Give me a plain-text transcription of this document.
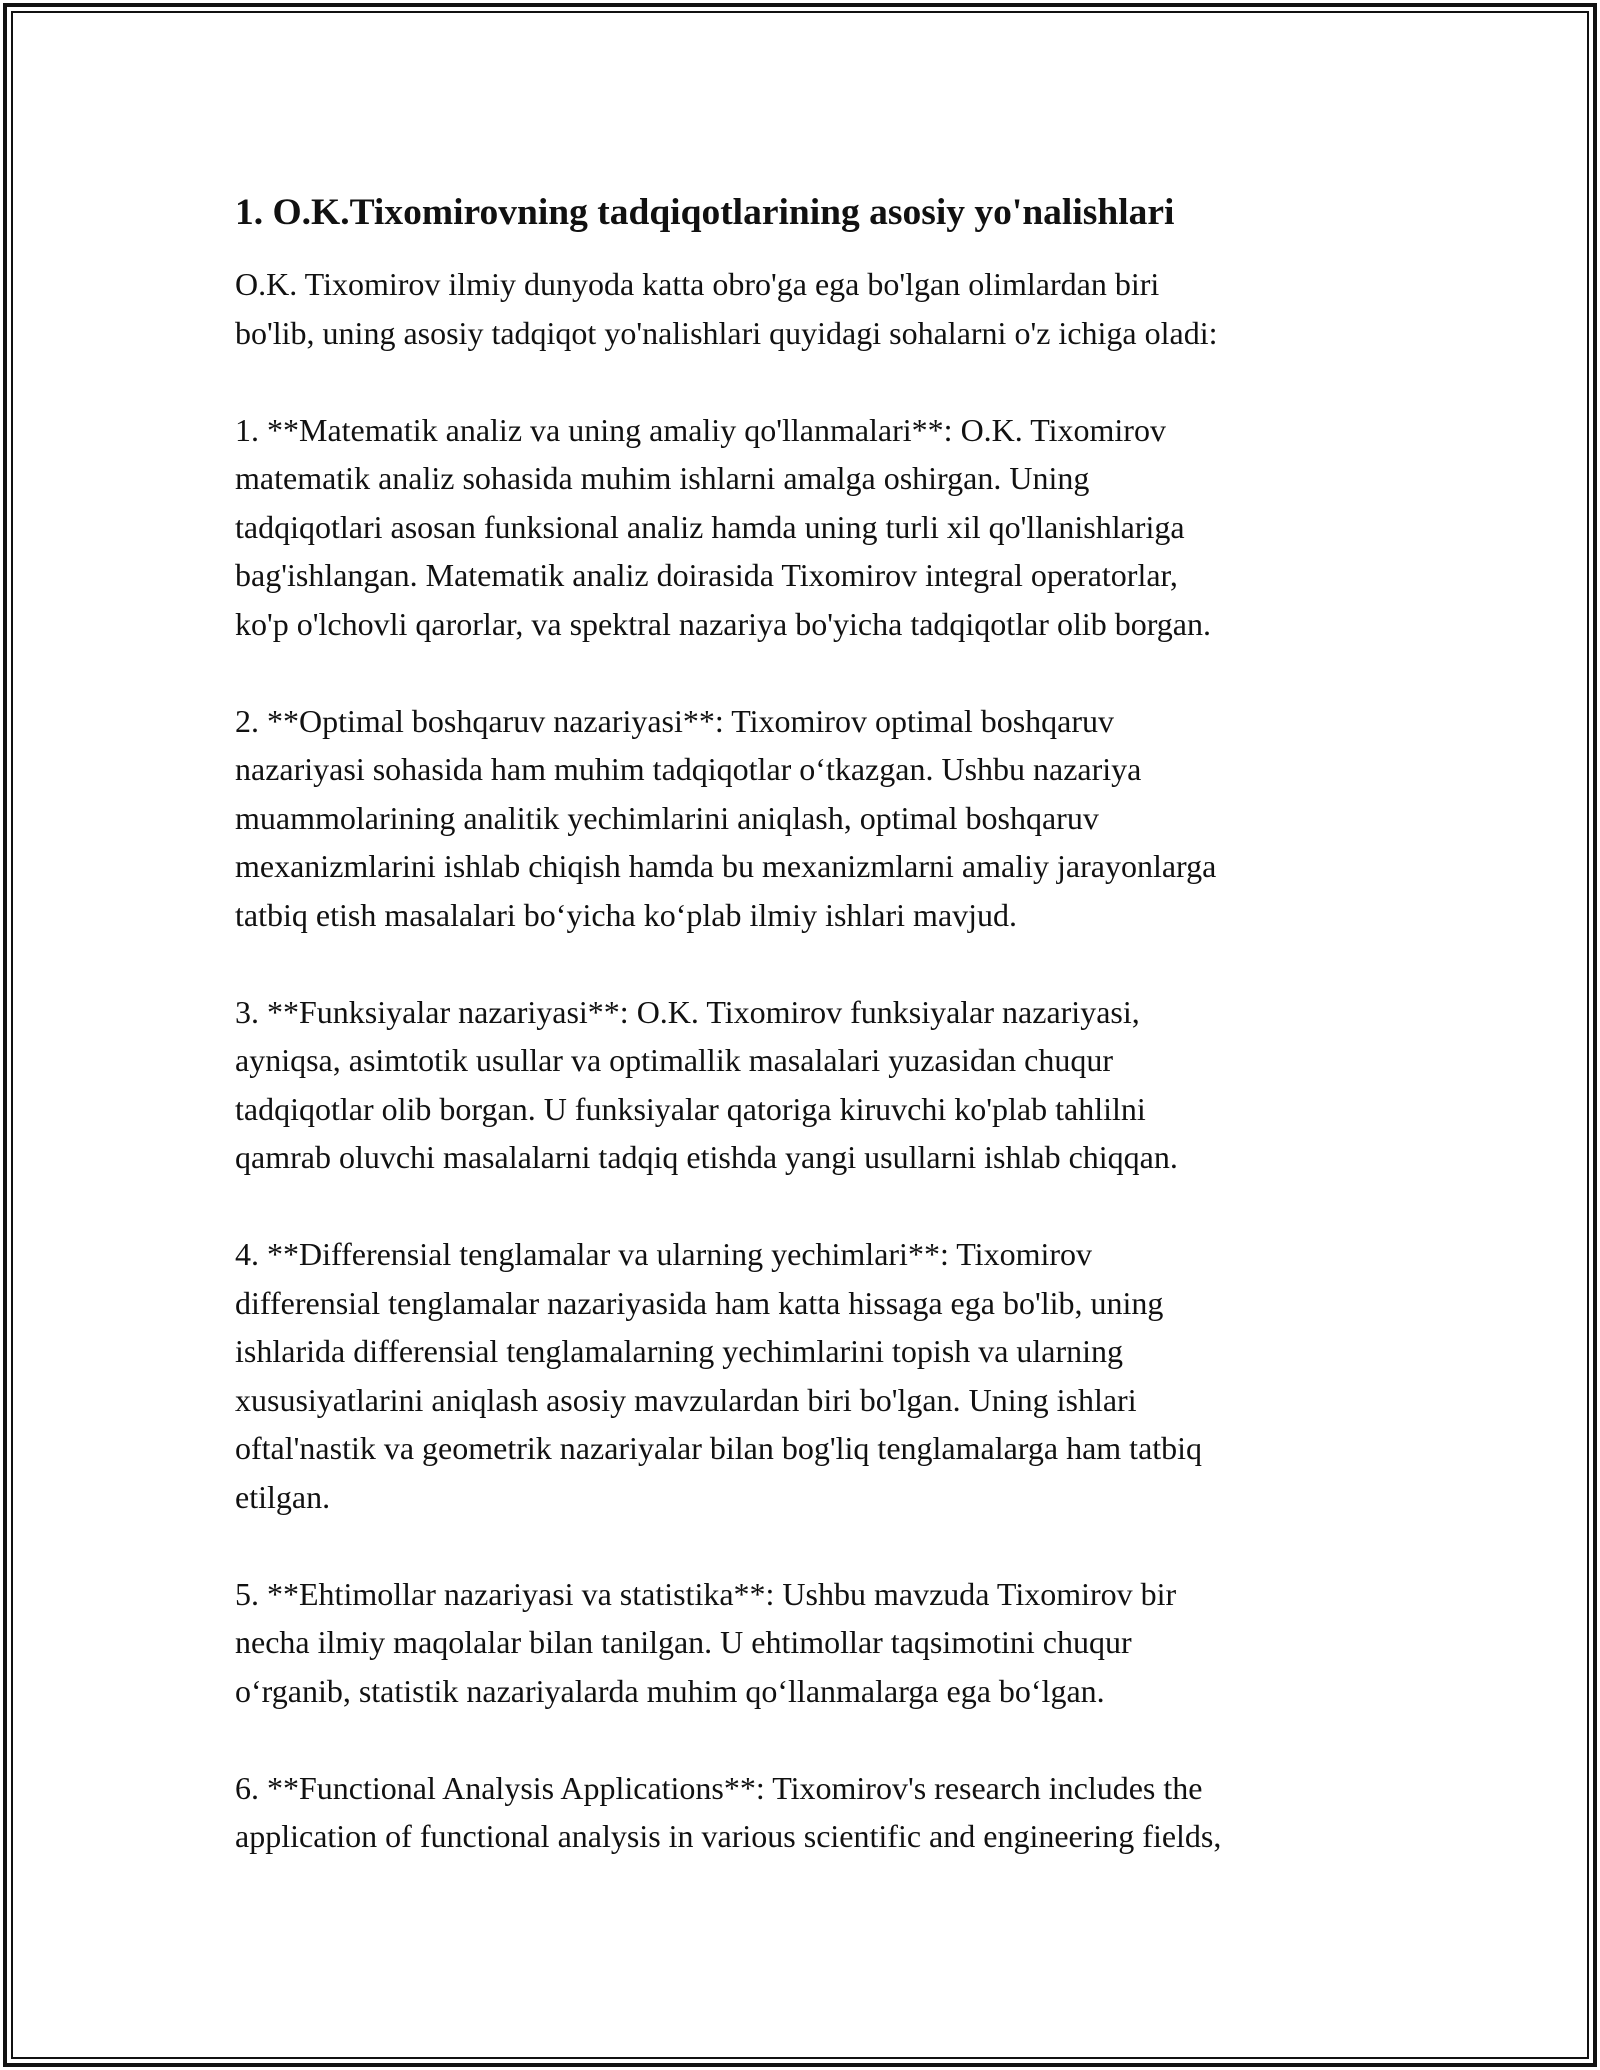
1. O.K.Tixomirovning tadqiqotlarining asosiy yo'nalishlari

O.K. Tixomirov ilmiy dunyoda katta obro'ga ega bo'lgan olimlardan biri
bo'lib, uning asosiy tadqiqot yo'nalishlari quyidagi sohalarni o'z ichiga oladi:

1. **Matematik analiz va uning amaliy qo'llanmalari**: O.K. Tixomirov
matematik analiz sohasida muhim ishlarni amalga oshirgan. Uning
tadqiqotlari asosan funksional analiz hamda uning turli xil qo'llanishlariga
bag'ishlangan. Matematik analiz doirasida Tixomirov integral operatorlar,
ko'p o'lchovli qarorlar, va spektral nazariya bo'yicha tadqiqotlar olib borgan.

2. **Optimal boshqaruv nazariyasi**: Tixomirov optimal boshqaruv
nazariyasi sohasida ham muhim tadqiqotlar o‘tkazgan. Ushbu nazariya
muammolarining analitik yechimlarini aniqlash, optimal boshqaruv
mexanizmlarini ishlab chiqish hamda bu mexanizmlarni amaliy jarayonlarga
tatbiq etish masalalari bo‘yicha ko‘plab ilmiy ishlari mavjud.

3. **Funksiyalar nazariyasi**: O.K. Tixomirov funksiyalar nazariyasi,
ayniqsa, asimtotik usullar va optimallik masalalari yuzasidan chuqur
tadqiqotlar olib borgan. U funksiyalar qatoriga kiruvchi ko'plab tahlilni
qamrab oluvchi masalalarni tadqiq etishda yangi usullarni ishlab chiqqan.

4. **Differensial tenglamalar va ularning yechimlari**: Tixomirov
differensial tenglamalar nazariyasida ham katta hissaga ega bo'lib, uning
ishlarida differensial tenglamalarning yechimlarini topish va ularning
xususiyatlarini aniqlash asosiy mavzulardan biri bo'lgan. Uning ishlari
oftal'nastik va geometrik nazariyalar bilan bog'liq tenglamalarga ham tatbiq
etilgan.

5. **Ehtimollar nazariyasi va statistika**: Ushbu mavzuda Tixomirov bir
necha ilmiy maqolalar bilan tanilgan. U ehtimollar taqsimotini chuqur
o‘rganib, statistik nazariyalarda muhim qo‘llanmalarga ega bo‘lgan.

6. **Functional Analysis Applications**: Tixomirov's research includes the
application of functional analysis in various scientific and engineering fields,
